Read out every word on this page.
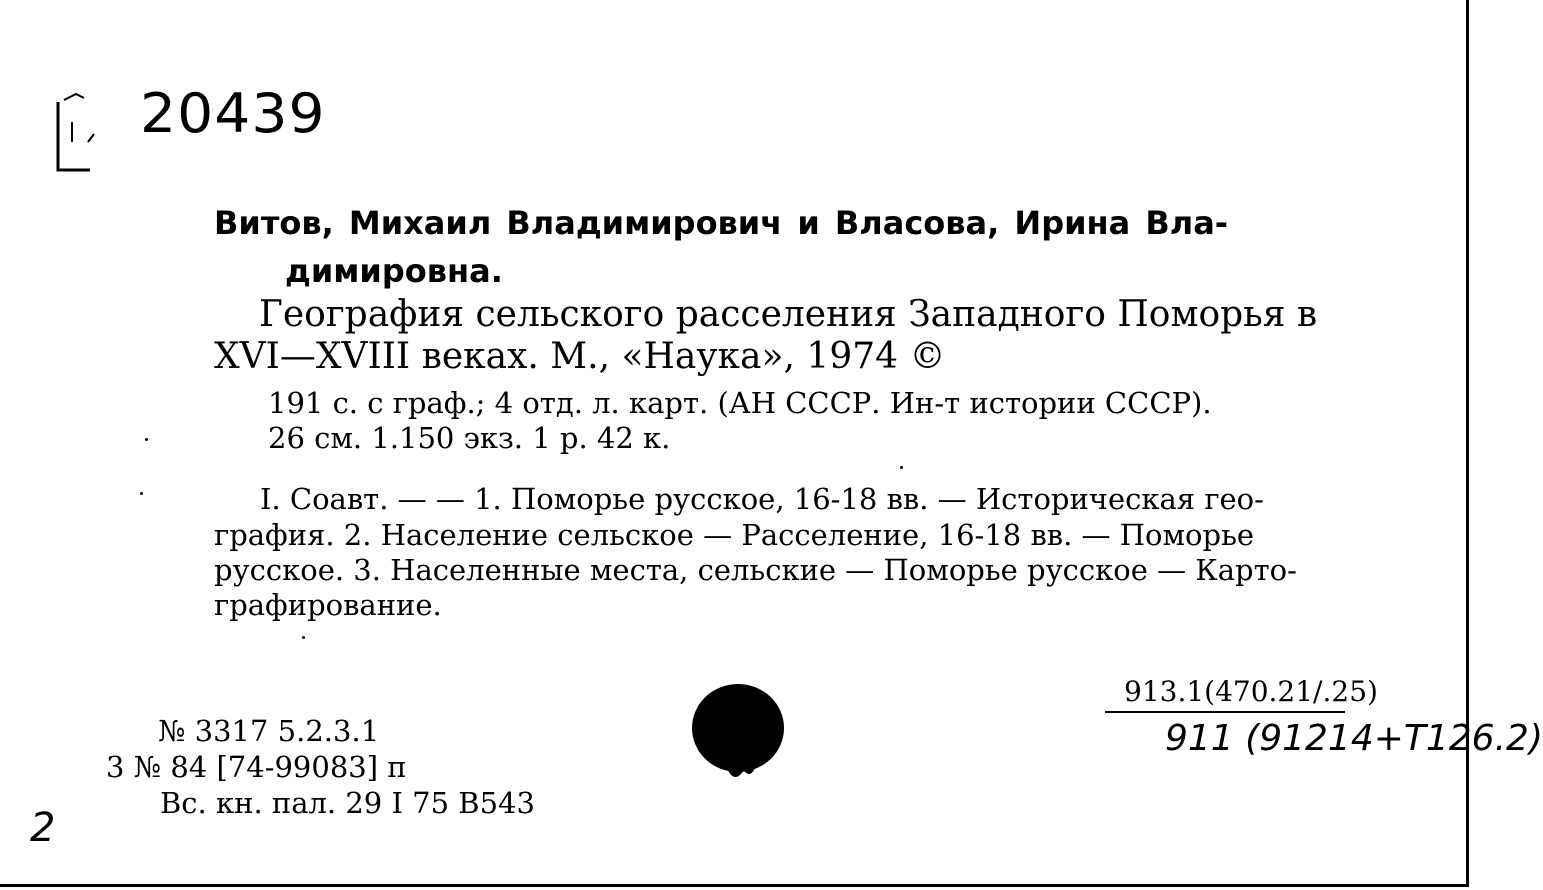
20439
Витов, Михаил Владимирович и Власова, Ирина Вла-
димировна.
География сельского расселения Западного Поморья в
XVI—XVIII веках. М., «Наука», 1974 ©
191 с. с граф.; 4 отд. л. карт. (АН СССР. Ин-т истории СССР).
26 см. 1.150 экз. 1 р. 42 к.
I. Соавт. — — 1. Поморье русское, 16-18 вв. — Историческая гео-
графия. 2. Население сельское — Расселение, 16-18 вв. — Поморье
русское. 3. Населенные места, сельские — Поморье русское — Карто-
графирование.
№ 3317 5.2.3.1
3 № 84 [74-99083] п
Вс. кн. пал. 29 I 75 В543
913.1(470.21/.25)
911 (91214+Т126.2)
2
